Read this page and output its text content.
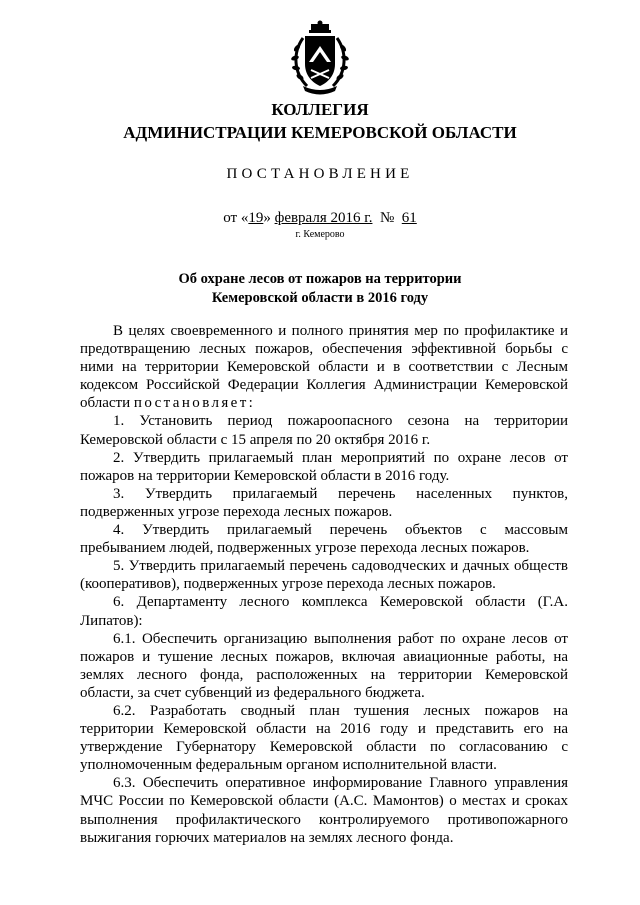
КОЛЛЕГИЯ
АДМИНИСТРАЦИИ КЕМЕРОВСКОЙ ОБЛАСТИ
ПОСТАНОВЛЕНИЕ
от «19» февраля 2016 г. № 61
г. Кемерово
Об охране лесов от пожаров на территории
Кемеровской области в 2016 году

В целях своевременного и полного принятия мер по профилактике и предотвращению лесных пожаров, обеспечения эффективной борьбы с ними на территории Кемеровской области и в соответствии с Лесным кодексом Российской Федерации Коллегия Администрации Кемеровской области постановляет:

1. Установить период пожароопасного сезона на территории Кемеровской области с 15 апреля по 20 октября 2016 г.

2. Утвердить прилагаемый план мероприятий по охране лесов от пожаров на территории Кемеровской области в 2016 году.

3. Утвердить прилагаемый перечень населенных пунктов, подверженных угрозе перехода лесных пожаров.

4. Утвердить прилагаемый перечень объектов с массовым пребыванием людей, подверженных угрозе перехода лесных пожаров.

5. Утвердить прилагаемый перечень садоводческих и дачных обществ (кооперативов), подверженных угрозе перехода лесных пожаров.

6. Департаменту лесного комплекса Кемеровской области (Г.А. Липатов):

6.1. Обеспечить организацию выполнения работ по охране лесов от пожаров и тушение лесных пожаров, включая авиационные работы, на землях лесного фонда, расположенных на территории Кемеровской области, за счет субвенций из федерального бюджета.

6.2. Разработать сводный план тушения лесных пожаров на территории Кемеровской области на 2016 году и представить его на утверждение Губернатору Кемеровской области по согласованию с уполномоченным федеральным органом исполнительной власти.

6.3. Обеспечить оперативное информирование Главного управления МЧС России по Кемеровской области (А.С. Мамонтов) о местах и сроках выполнения профилактического контролируемого противопожарного выжигания горючих материалов на землях лесного фонда.
